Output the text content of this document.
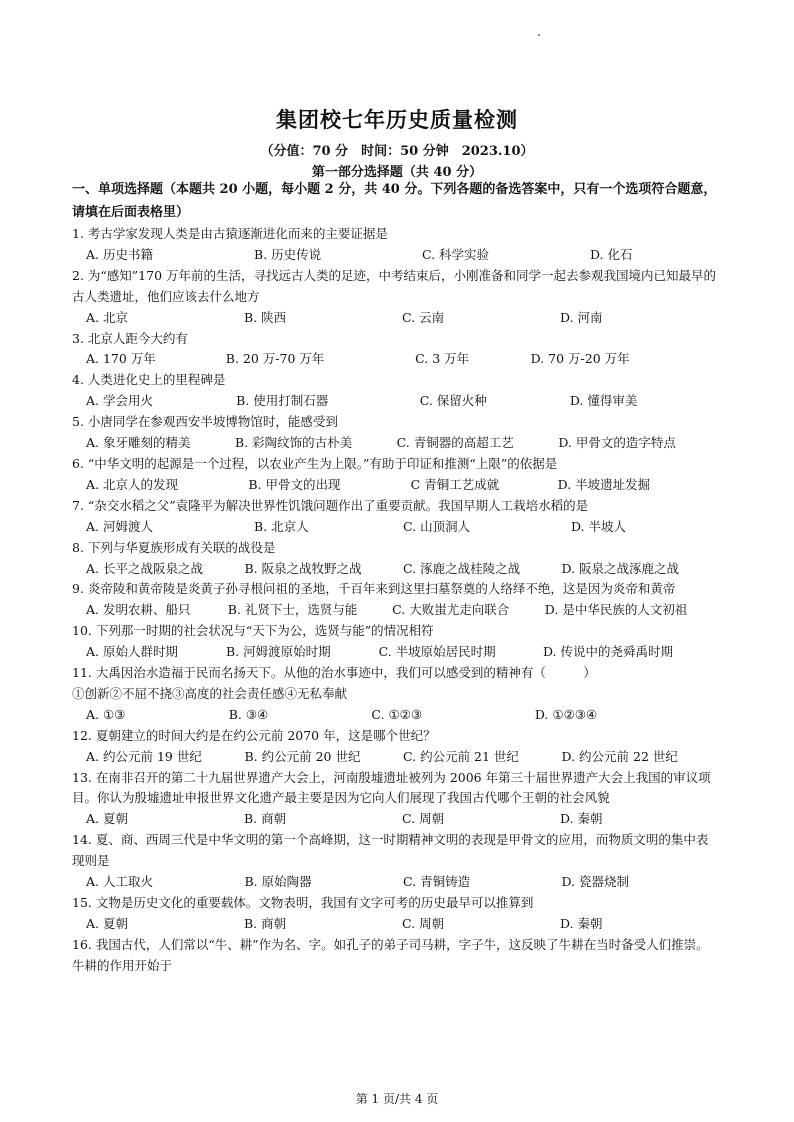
集团校七年历史质量检测
（分值：70 分　时间：50 分钟　2023.10）
第一部分选择题（共 40 分）
一、单项选择题（本题共 20 小题，每小题 2 分，共 40 分。下列各题的备选答案中，只有一个选项符合题意，请填在后面表格里）
1. 考古学家发现人类是由古猿逐渐进化而来的主要证据是
A. 历史书籍	B. 历史传说	C. 科学实验	D. 化石
2. 为“感知”170 万年前的生活，寻找远古人类的足迹，中考结束后，小刚准备和同学一起去参观我国境内已知最早的古人类遗址，他们应该去什么地方
A. 北京	B. 陕西	C. 云南	D. 河南
3. 北京人距今大约有
A. 170 万年	B. 20 万-70 万年	C. 3 万年	D. 70 万-20 万年
4. 人类进化史上的里程碑是
A. 学会用火	B. 使用打制石器	C. 保留火种	D. 懂得审美
5. 小唐同学在参观西安半坡博物馆时，能感受到
A. 象牙雕刻的精美	B. 彩陶纹饰的古朴美	C. 青铜器的高超工艺	D. 甲骨文的造字特点
6. “中华文明的起源是一个过程，以农业产生为上限。”有助于印证和推测“上限”的依据是
A. 北京人的发现	B. 甲骨文的出现	C 青铜工艺成就	D. 半坡遗址发掘
7. “杂交水稻之父”袁隆平为解决世界性饥饿问题作出了重要贡献。我国早期人工栽培水稻的是
A. 河姆渡人	B. 北京人	C. 山顶洞人	D. 半坡人
8. 下列与华夏族形成有关联的战役是
A. 长平之战阪泉之战	B. 阪泉之战牧野之战	C. 涿鹿之战桂陵之战	D. 阪泉之战涿鹿之战
9. 炎帝陵和黄帝陵是炎黄子孙寻根问祖的圣地，千百年来到这里扫墓祭奠的人络绎不绝，这是因为炎帝和黄帝
A. 发明农耕、船只	B. 礼贤下士，选贤与能	C. 大败蚩尤走向联合	D. 是中华民族的人文初祖
10. 下列那一时期的社会状况与“天下为公，选贤与能”的情况相符
A. 原始人群时期	B. 河姆渡原始时期	C. 半坡原始居民时期	D. 传说中的尧舜禹时期
11. 大禹因治水造福于民而名扬天下。从他的治水事迹中，我们可以感受到的精神有（　　　）
①创新②不屈不挠③高度的社会责任感④无私奉献
A. ①③	B. ③④	C. ①②③	D. ①②③④
12. 夏朝建立的时间大约是在约公元前 2070 年，这是哪个世纪？
A. 约公元前 19 世纪	B. 约公元前 20 世纪	C. 约公元前 21 世纪	D. 约公元前 22 世纪
13. 在南非召开的第二十九届世界遗产大会上，河南殷墟遗址被列为 2006 年第三十届世界遗产大会上我国的审议项目。你认为殷墟遗址申报世界文化遗产最主要是因为它向人们展现了我国古代哪个王朝的社会风貌
A. 夏朝	B. 商朝	C. 周朝	D. 秦朝
14. 夏、商、西周三代是中华文明的第一个高峰期，这一时期精神文明的表现是甲骨文的应用，而物质文明的集中表现则是
A. 人工取火	B. 原始陶器	C. 青铜铸造	D. 瓷器烧制
15. 文物是历史文化的重要载体。文物表明，我国有文字可考的历史最早可以推算到
A. 夏朝	B. 商朝	C. 周朝	D. 秦朝
16. 我国古代，人们常以“牛、耕”作为名、字。如孔子的弟子司马耕，字子牛，这反映了牛耕在当时备受人们推崇。牛耕的作用开始于
第 1 页/共 4 页
